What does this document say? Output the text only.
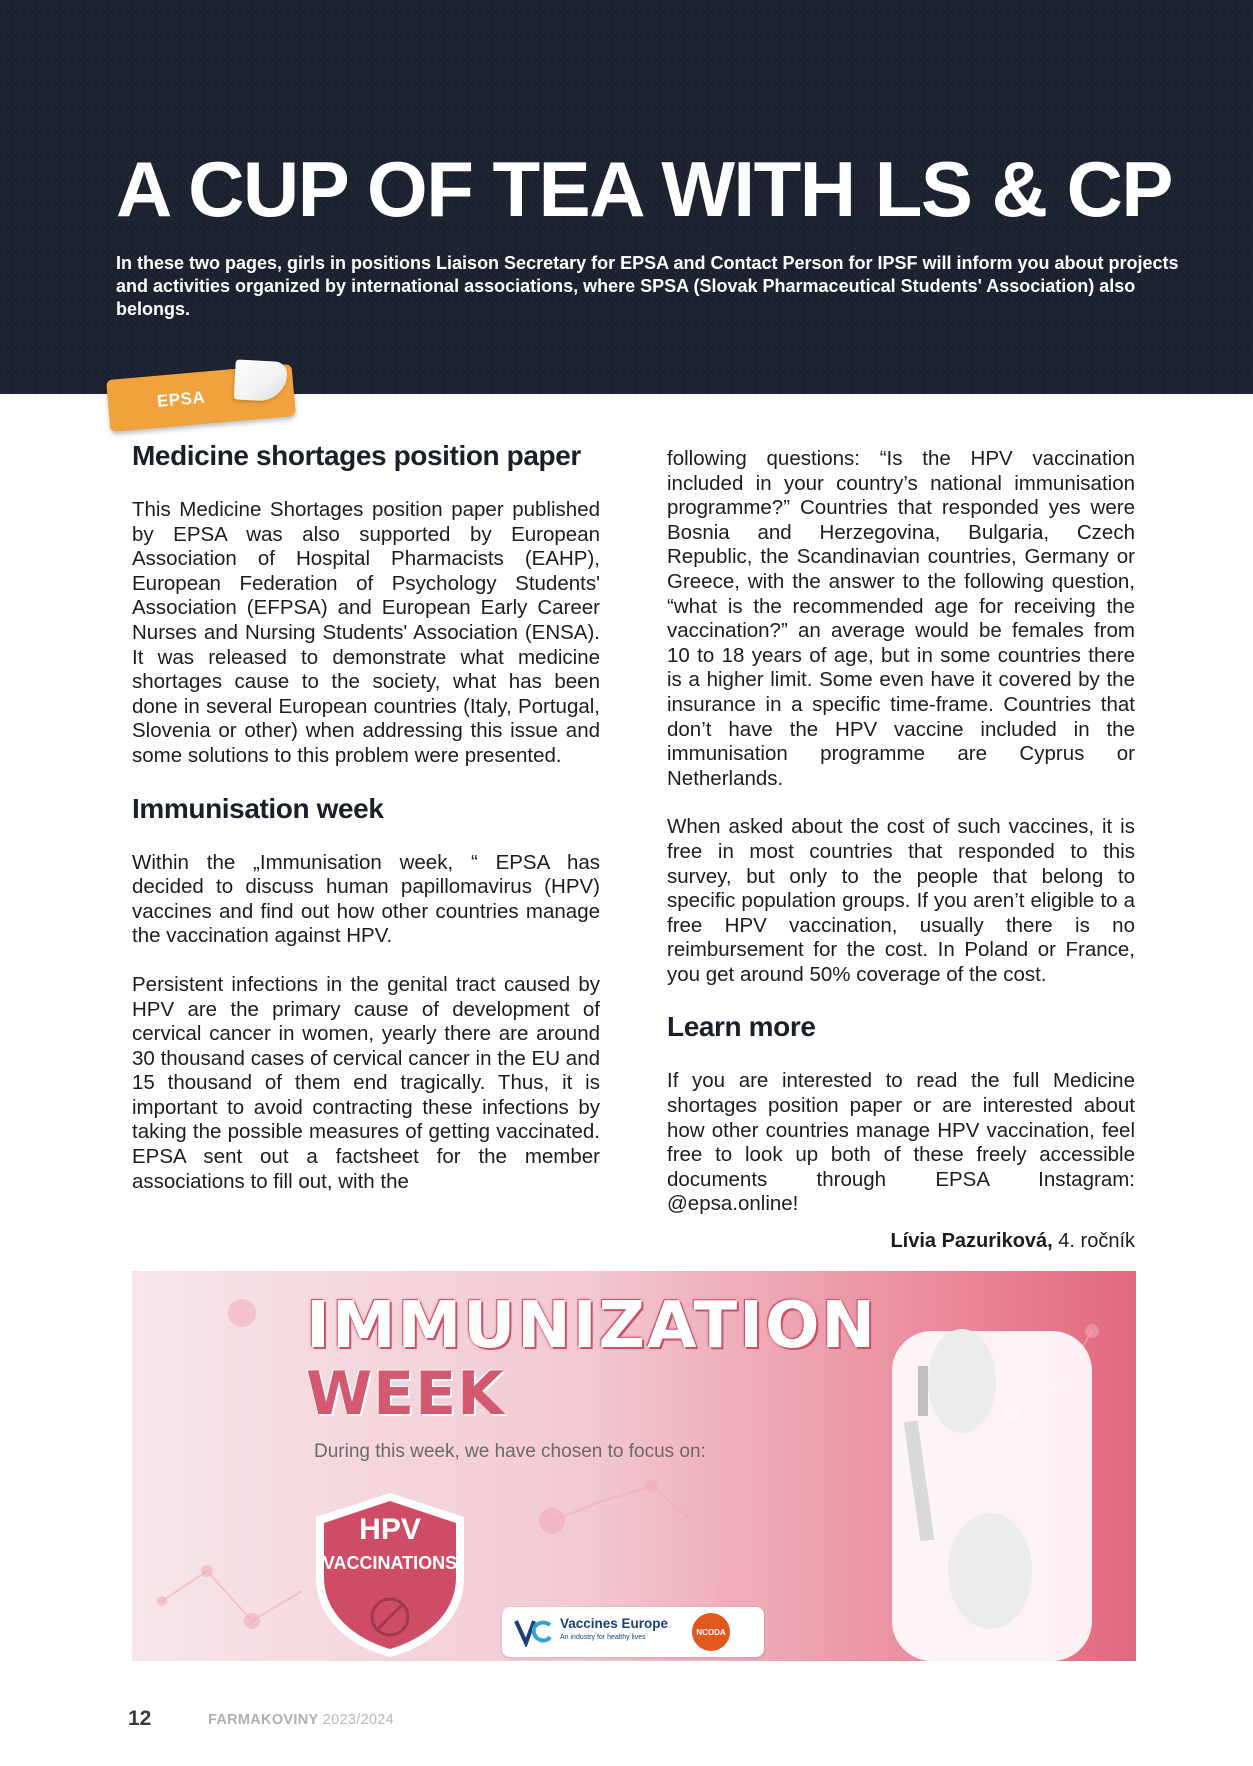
A CUP OF TEA WITH LS & CP

In these two pages, girls in positions Liaison Secretary for EPSA and Contact Person for IPSF will inform you about projects and activities organized by international associations, where SPSA (Slovak Pharmaceutical Students' Association) also belongs.

EPSA
Medicine shortages position paper

This Medicine Shortages position paper published by EPSA was also supported by European Association of Hospital Pharmacists (EAHP), European Federation of Psychology Students' Association (EFPSA) and European Early Career Nurses and Nursing Students' Association (ENSA). It was released to demonstrate what medicine shortages cause to the society, what has been done in several European countries (Italy, Portugal, Slovenia or other) when addressing this issue and some solutions to this problem were presented.

Immunisation week

Within the „Immunisation week, “ EPSA has decided to discuss human papillomavirus (HPV) vaccines and find out how other countries manage the vaccination against HPV.

Persistent infections in the genital tract caused by HPV are the primary cause of development of cervical cancer in women, yearly there are around 30 thousand cases of cervical cancer in the EU and 15 thousand of them end tragically. Thus, it is important to avoid contracting these infections by taking the possible measures of getting vaccinated. EPSA sent out a factsheet for the member associations to fill out, with the

following questions: “Is the HPV vaccination included in your country’s national immunisation programme?” Countries that responded yes were Bosnia and Herzegovina, Bulgaria, Czech Republic, the Scandinavian countries, Germany or Greece, with the answer to the following question, “what is the recommended age for receiving the vaccination?” an average would be females from 10 to 18 years of age, but in some countries there is a higher limit. Some even have it covered by the insurance in a specific time-frame. Countries that don’t have the HPV vaccine included in the immunisation programme are Cyprus or Netherlands.

When asked about the cost of such vaccines, it is free in most countries that responded to this survey, but only to the people that belong to specific population groups. If you aren’t eligible to a free HPV vaccination, usually there is no reimbursement for the cost. In Poland or France, you get around 50% coverage of the cost.

Learn more

If you are interested to read the full Medicine shortages position paper or are interested about how other countries manage HPV vaccination, feel free to look up both of these freely accessible documents through EPSA Instagram: @epsa.online!

Lívia Pazuriková, 4. ročník
IMMUNIZATION
WEEK
During this week, we have chosen to focus on:
HPV
VACCINATIONS
Vaccines Europe
An industry for healthy lives
NCODA
12	FARMAKOVINY 2023/2024
